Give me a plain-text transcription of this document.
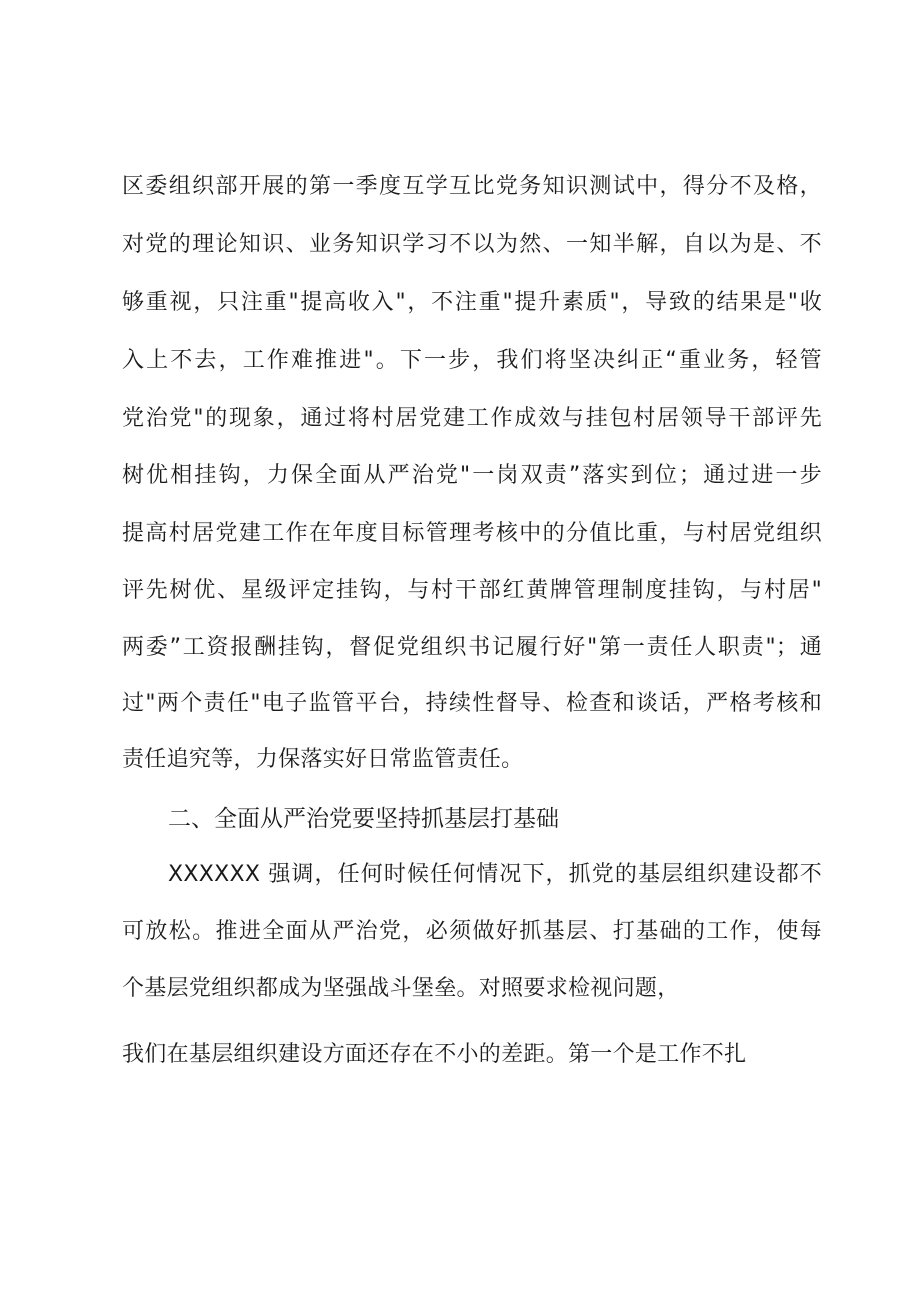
区委组织部开展的第一季度互学互比党务知识测试中，得分不及格，
对党的理论知识、业务知识学习不以为然、一知半解，自以为是、不
够重视，只注重"提高收入"，不注重"提升素质"，导致的结果是"收
入上不去，工作难推进"。下一步，我们将坚决纠正“重业务，轻管
党治党"的现象，通过将村居党建工作成效与挂包村居领导干部评先
树优相挂钩，力保全面从严治党"一岗双责”落实到位；通过进一步
提高村居党建工作在年度目标管理考核中的分值比重，与村居党组织
评先树优、星级评定挂钩，与村干部红黄牌管理制度挂钩，与村居"
两委”工资报酬挂钩，督促党组织书记履行好"第一责任人职责"；通
过"两个责任"电子监管平台，持续性督导、检查和谈话，严格考核和
责任追究等，力保落实好日常监管责任。
二、全面从严治党要坚持抓基层打基础
XXXXXX 强调，任何时候任何情况下，抓党的基层组织建设都不
可放松。推进全面从严治党，必须做好抓基层、打基础的工作，使每
个基层党组织都成为坚强战斗堡垒。对照要求检视问题，
我们在基层组织建设方面还存在不小的差距。第一个是工作不扎
